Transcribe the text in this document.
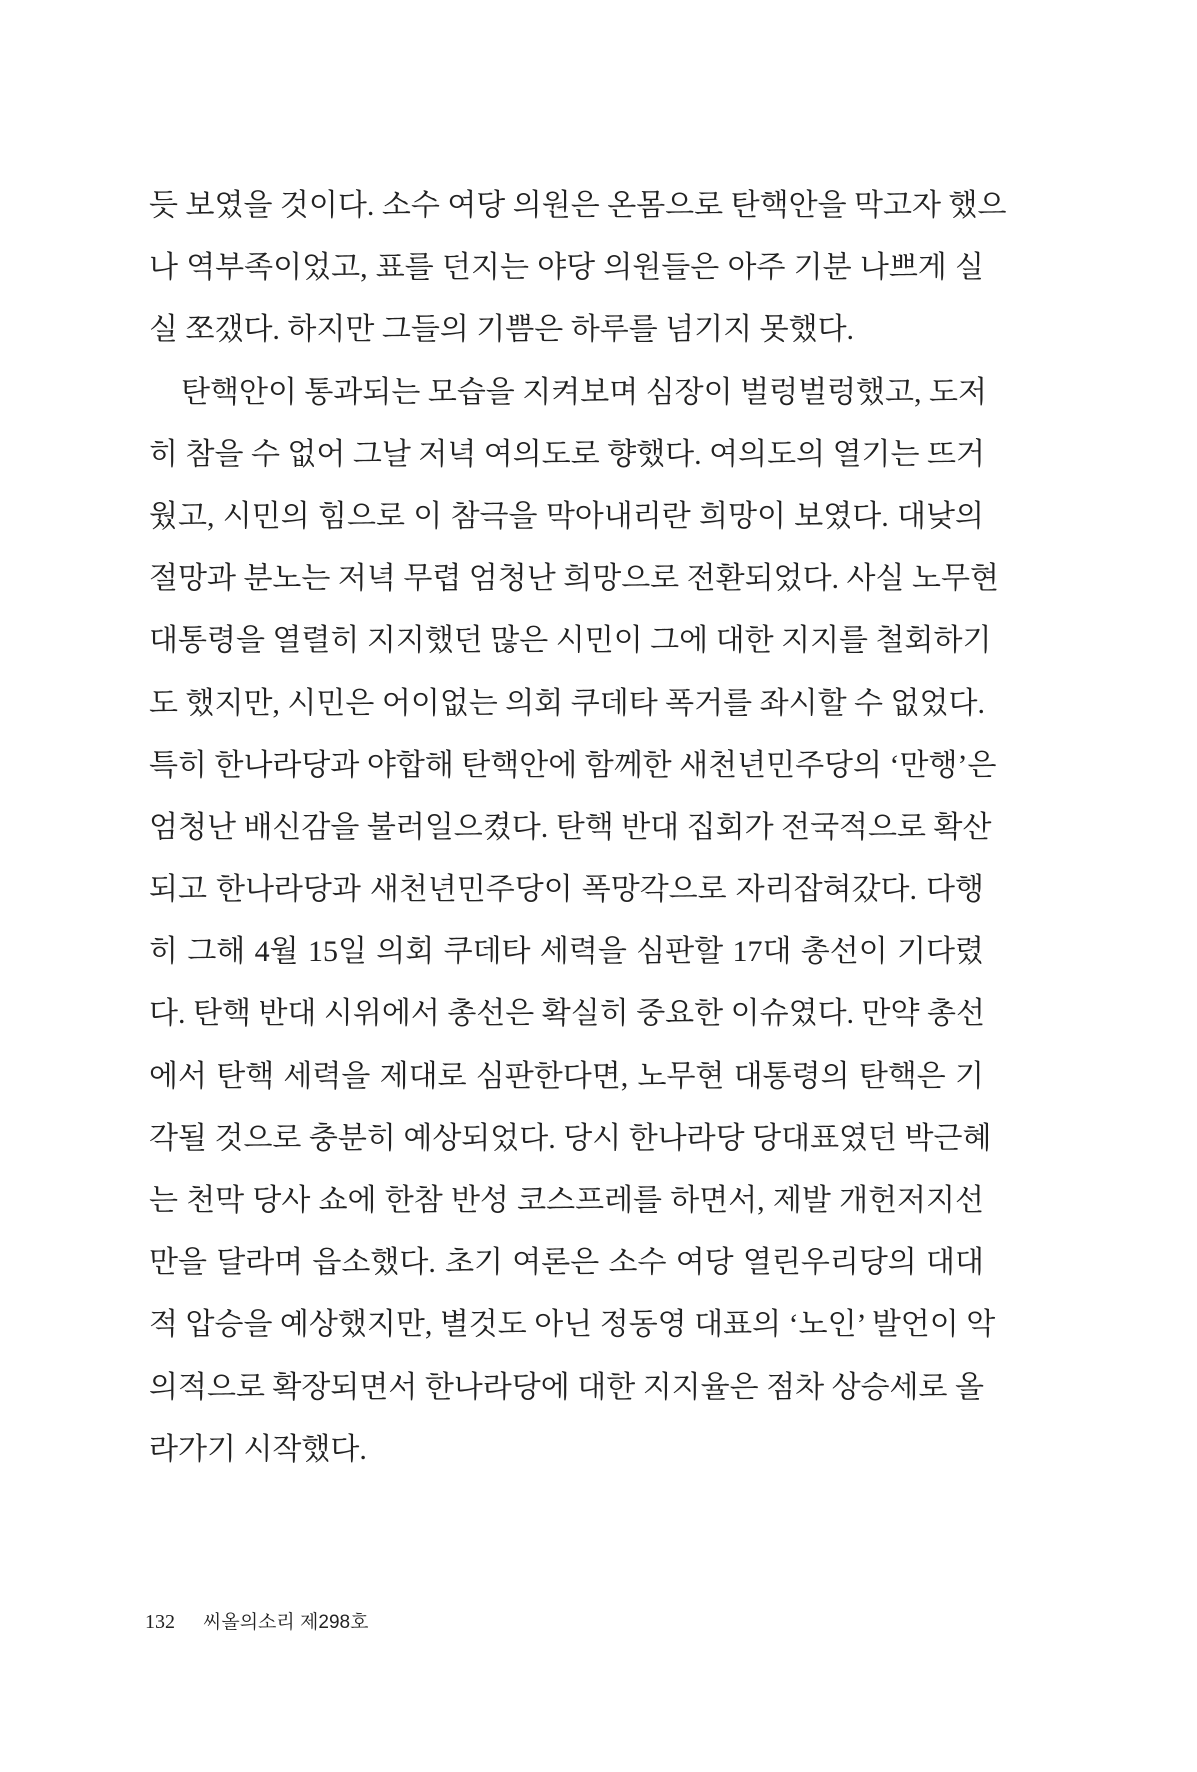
듯 보였을 것이다. 소수 여당 의원은 온몸으로 탄핵안을 막고자 했으
나 역부족이었고, 표를 던지는 야당 의원들은 아주 기분 나쁘게 실
실 쪼갰다. 하지만 그들의 기쁨은 하루를 넘기지 못했다.
탄핵안이 통과되는 모습을 지켜보며 심장이 벌렁벌렁했고, 도저
히 참을 수 없어 그날 저녁 여의도로 향했다. 여의도의 열기는 뜨거
웠고, 시민의 힘으로 이 참극을 막아내리란 희망이 보였다. 대낮의
절망과 분노는 저녁 무렵 엄청난 희망으로 전환되었다. 사실 노무현
대통령을 열렬히 지지했던 많은 시민이 그에 대한 지지를 철회하기
도 했지만, 시민은 어이없는 의회 쿠데타 폭거를 좌시할 수 없었다.
특히 한나라당과 야합해 탄핵안에 함께한 새천년민주당의 ‘만행’은
엄청난 배신감을 불러일으켰다. 탄핵 반대 집회가 전국적으로 확산
되고 한나라당과 새천년민주당이 폭망각으로 자리잡혀갔다. 다행
히 그해 4월 15일 의회 쿠데타 세력을 심판할 17대 총선이 기다렸
다. 탄핵 반대 시위에서 총선은 확실히 중요한 이슈였다. 만약 총선
에서 탄핵 세력을 제대로 심판한다면, 노무현 대통령의 탄핵은 기
각될 것으로 충분히 예상되었다. 당시 한나라당 당대표였던 박근혜
는 천막 당사 쇼에 한참 반성 코스프레를 하면서, 제발 개헌저지선
만을 달라며 읍소했다. 초기 여론은 소수 여당 열린우리당의 대대
적 압승을 예상했지만, 별것도 아닌 정동영 대표의 ‘노인’ 발언이 악
의적으로 확장되면서 한나라당에 대한 지지율은 점차 상승세로 올
라가기 시작했다.
132 씨올의소리 제298호
